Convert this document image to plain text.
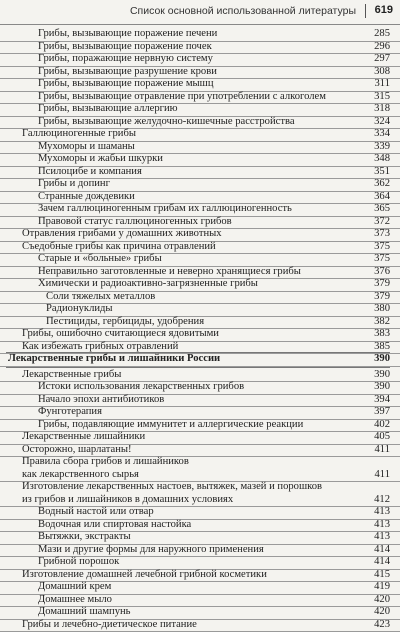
Список основной использованной литературы 619
Грибы, вызывающие поражение печени	285
Грибы, вызывающие поражение почек	296
Грибы, поражающие нервную систему	297
Грибы, вызывающие разрушение крови	308
Грибы, вызывающие поражение мышц	311
Грибы, вызывающие отравление при употреблении с алкоголем	315
Грибы, вызывающие аллергию	318
Грибы, вызывающие желудочно-кишечные расстройства	324
Галлюциногенные грибы	334
Мухоморы и шаманы	339
Мухоморы и жабьи шкурки	348
Псилоцибе и компания	351
Грибы и допинг	362
Странные дождевики	364
Зачем галлюциногенным грибам их галлюциногенность	365
Правовой статус галлюциногенных грибов	372
Отравления грибами у домашних животных	373
Съедобные грибы как причина отравлений	375
Старые и «больные» грибы	375
Неправильно заготовленные и неверно хранящиеся грибы	376
Химически и радиоактивно-загрязненные грибы	379
Соли тяжелых металлов	379
Радионуклиды	380
Пестициды, гербициды, удобрения	382
Грибы, ошибочно считающиеся ядовитыми	383
Как избежать грибных отравлений	385
Лекарственные грибы и лишайники России	390
Лекарственные грибы	390
Истоки использования лекарственных грибов	390
Начало эпохи антибиотиков	394
Фунготерапия	397
Грибы, подавляющие иммунитет и аллергические реакции	402
Лекарственные лишайники	405
Осторожно, шарлатаны!	411
Правила сбора грибов и лишайников
как лекарственного сырья	411
Изготовление лекарственных настоев, вытяжек, мазей и порошков
из грибов и лишайников в домашних условиях	412
Водный настой или отвар	413
Водочная или спиртовая настойка	413
Вытяжки, экстракты	413
Мази и другие формы для наружного применения	414
Грибной порошок	414
Изготовление домашней лечебной грибной косметики	415
Домашний крем	419
Домашнее мыло	420
Домашний шампунь	420
Грибы и лечебно-диетическое питание	423
